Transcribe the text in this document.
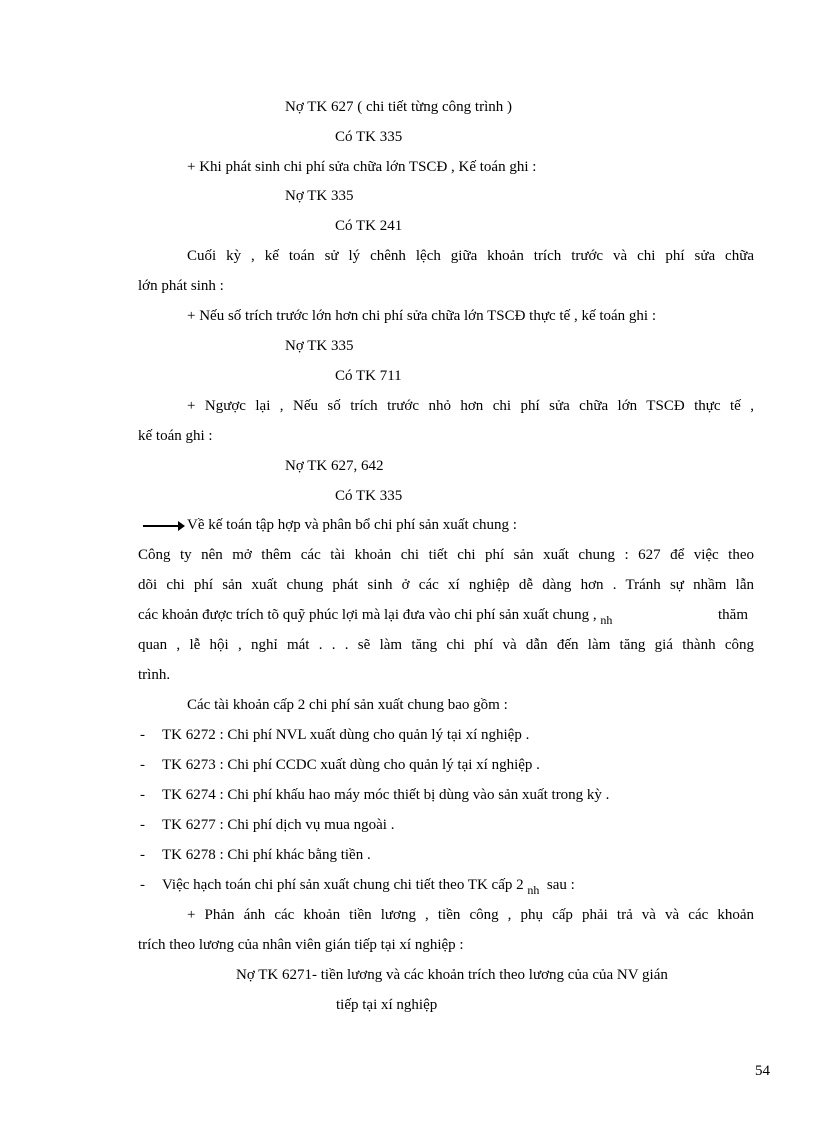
Nợ TK 627 ( chi tiết từng công trình )
Có TK 335
+ Khi phát sinh chi phí sửa chữa lớn TSCĐ , Kế toán ghi :
Nợ TK 335
Có TK 241
Cuối kỳ , kế toán sử lý chênh lệch giữa khoản trích trước và chi phí sửa chữa
lớn phát sinh :
+ Nếu số trích trước lớn hơn chi phí sửa chữa lớn TSCĐ thực tế , kế toán ghi :
Nợ TK 335
Có TK 711
+ Ngược lại , Nếu số trích trước nhỏ hơn chi phí sửa chữa lớn TSCĐ thực tế ,
kế toán ghi :
Nợ TK 627, 642
Có TK 335
Về kế toán tập hợp và phân bổ chi phí sản xuất chung :
Công ty nên mở thêm các tài khoản chi tiết chi phí sản xuất chung : 627 để việc theo
dõi chi phí sản xuất chung phát sinh ở các xí nghiệp dễ dàng hơn . Tránh sự nhầm lẫn
các khoản được trích tõ quỹ phúc lợi mà lại đưa vào chi phí sản xuất chung , $_{nh}$	thăm
quan , lễ hội , nghỉ mát . . . sẽ làm tăng chi phí và dẫn đến làm tăng giá thành công
trình.
Các tài khoản cấp 2 chi phí sản xuất chung bao gồm :
- TK 6272 : Chi phí NVL xuất dùng cho quản lý tại xí nghiệp .
- TK 6273 : Chi phí CCDC xuất dùng cho quản lý tại xí nghiệp .
- TK 6274 : Chi phí khấu hao máy móc thiết bị dùng vào sản xuất trong kỳ .
- TK 6277 : Chi phí dịch vụ mua ngoài .
- TK 6278 : Chi phí khác bằng tiền .
- Việc hạch toán chi phí sản xuất chung chi tiết theo TK cấp 2 $_{nh}$ sau :
+ Phản ánh các khoản tiền lương , tiền công , phụ cấp phải trả và và các khoản
trích theo lương của nhân viên gián tiếp tại xí nghiệp :
Nợ TK 6271- tiền lương và các khoản trích theo lương của của NV gián
tiếp tại xí nghiệp
54
